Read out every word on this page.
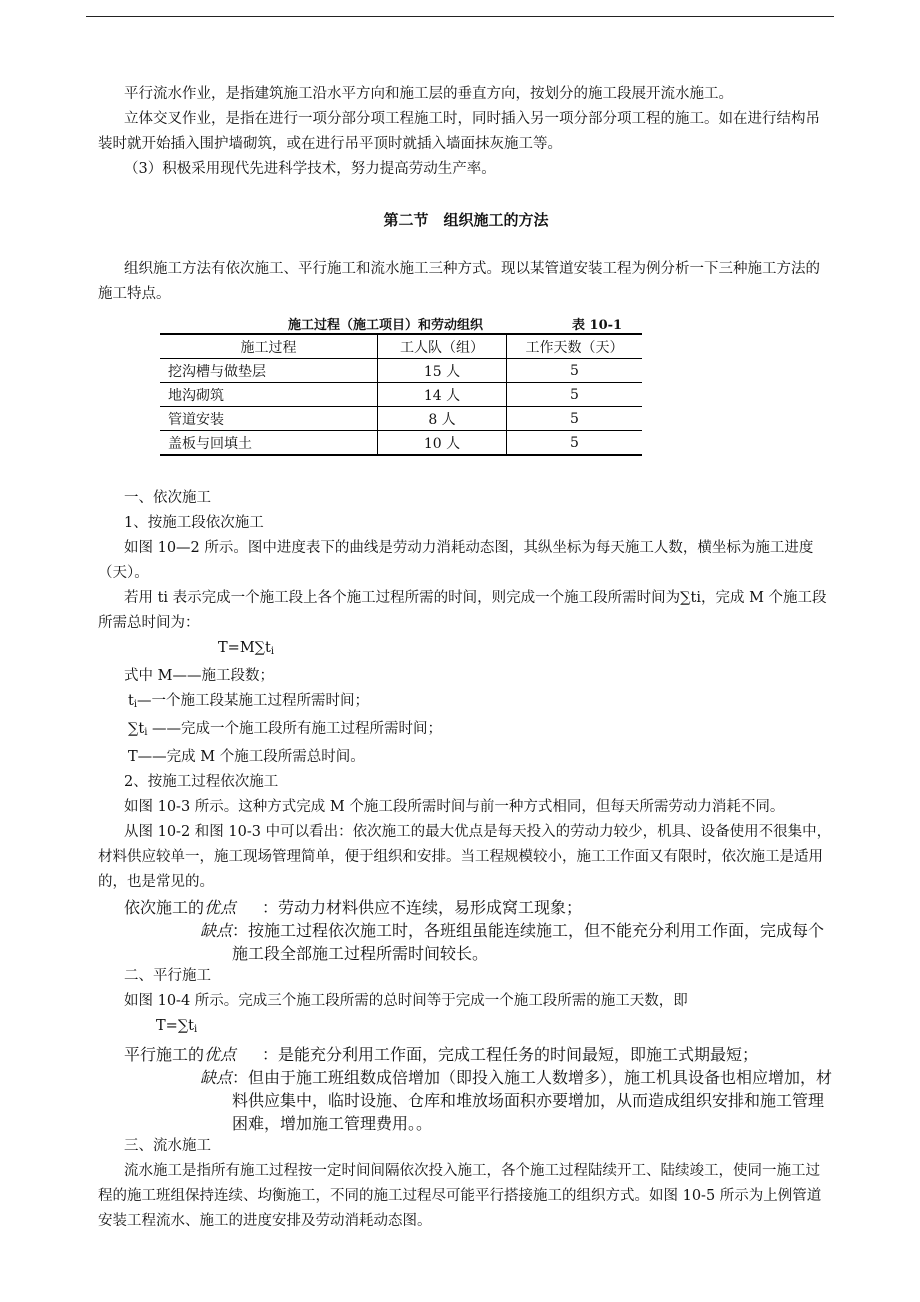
平行流水作业，是指建筑施工沿水平方向和施工层的垂直方向，按划分的施工段展开流水施工。

立体交叉作业，是指在进行一项分部分项工程施工时，同时插入另一项分部分项工程的施工。如在进行结构吊装时就开始插入围护墙砌筑，或在进行吊平顶时就插入墙面抹灰施工等。

（3）积极采用现代先进科学技术，努力提高劳动生产率。

第二节　组织施工的方法

组织施工方法有依次施工、平行施工和流水施工三种方式。现以某管道安装工程为例分析一下三种施工方法的施工特点。

施工过程（施工项目）和劳动组织	表 10-1
施工过程	工人队（组）	工作天数（天）
挖沟槽与做垫层	15 人	5
地沟砌筑	14 人	5
管道安装	8 人	5
盖板与回填土	10 人	5

一、依次施工

1、按施工段依次施工

如图 10—2 所示。图中进度表下的曲线是劳动力消耗动态图，其纵坐标为每天施工人数，横坐标为施工进度（天）。

若用 ti 表示完成一个施工段上各个施工过程所需的时间，则完成一个施工段所需时间为∑ti，完成 M 个施工段所需总时间为：

$T=M\sum t_i$

式中 M——施工段数；

$t_i—$一个施工段某施工过程所需时间；

$\sum t_i$ ——完成一个施工段所有施工过程所需时间；

T——完成 M 个施工段所需总时间。

2、按施工过程依次施工

如图 10-3 所示。这种方式完成 M 个施工段所需时间与前一种方式相同，但每天所需劳动力消耗不同。

从图 10-2 和图 10-3 中可以看出：依次施工的最大优点是每天投入的劳动力较少，机具、设备使用不很集中，材料供应较单一，施工现场管理简单，便于组织和安排。当工程规模较小，施工工作面又有限时，依次施工是适用的，也是常见的。

依次施工的优点	：劳动力材料供应不连续，易形成窝工现象；
缺点 ：按施工过程依次施工时，各班组虽能连续施工，但不能充分利用工作面，完成每个施工段全部施工过程所需时间较长。

二、平行施工

如图 10-4 所示。完成三个施工段所需的总时间等于完成一个施工段所需的施工天数，即

$T=\sum t_i$

平行施工的优点	：是能充分利用工作面，完成工程任务的时间最短，即施工式期最短；
缺点 ：但由于施工班组数成倍增加（即投入施工人数增多），施工机具设备也相应增加，材料供应集中，临时设施、仓库和堆放场面积亦要增加，从而造成组织安排和施工管理困难，增加施工管理费用。。

三、流水施工

流水施工是指所有施工过程按一定时间间隔依次投入施工，各个施工过程陆续开工、陆续竣工，使同一施工过程的施工班组保持连续、均衡施工，不同的施工过程尽可能平行搭接施工的组织方式。如图 10-5 所示为上例管道安装工程流水、施工的进度安排及劳动消耗动态图。
